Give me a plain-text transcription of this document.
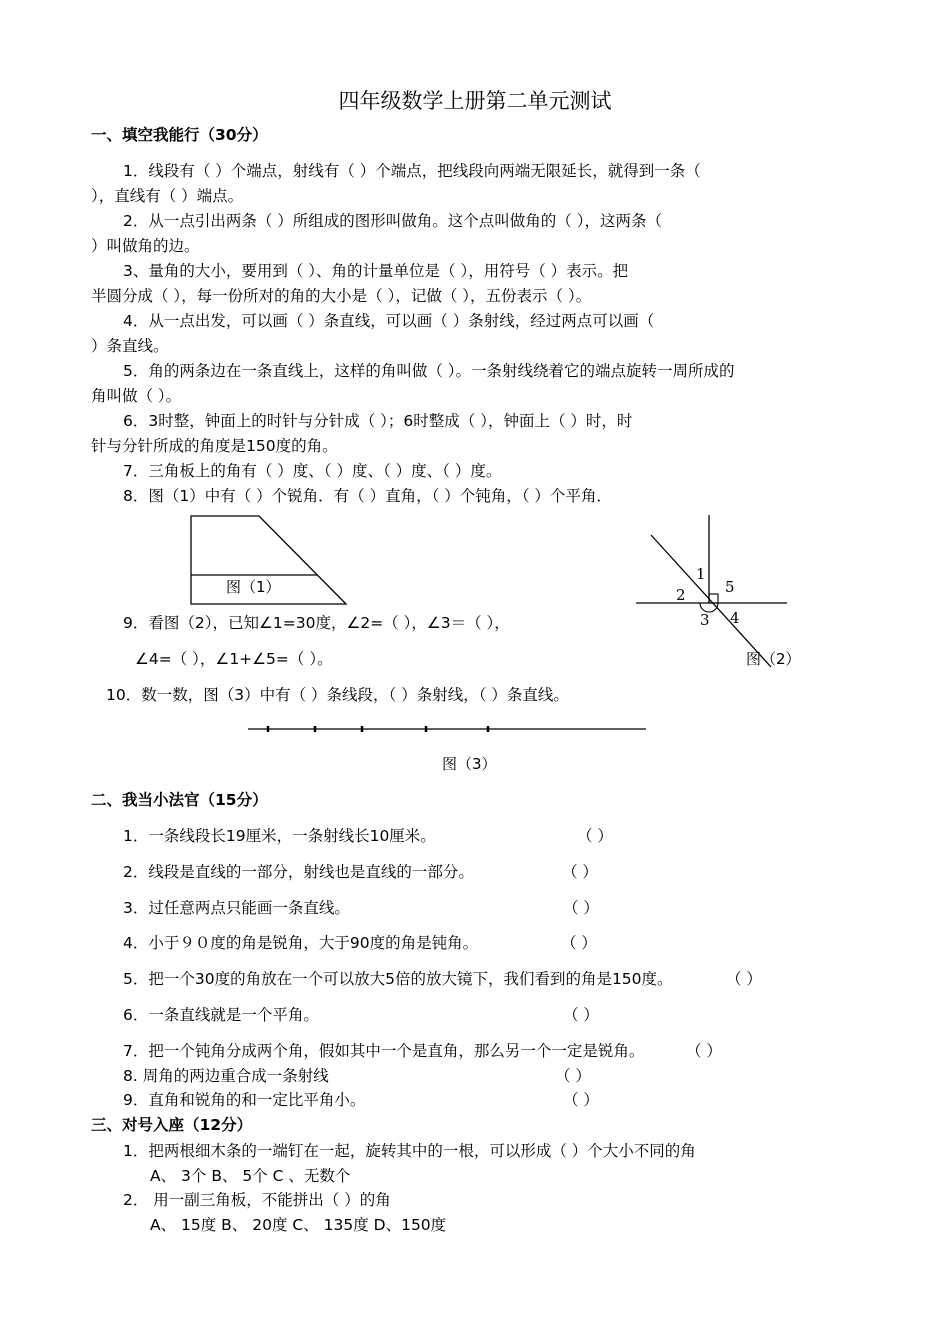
四年级数学上册第二单元测试
一、填空我能行（30分）
1．线段有（ ）个端点，射线有（ ）个端点，把线段向两端无限延长，就得到一条（
），直线有（ ）端点。
2．从一点引出两条（ ）所组成的图形叫做角。这个点叫做角的（ ），这两条（
）叫做角的边。
3、量角的大小，要用到（ ）、角的计量单位是（ ），用符号（ ）表示。把
半圆分成（ ），每一份所对的角的大小是（ ），记做（ ），五份表示（ ）。
4．从一点出发，可以画（ ）条直线，可以画（ ）条射线，经过两点可以画（
）条直线。
5．角的两条边在一条直线上，这样的角叫做（ ）。一条射线绕着它的端点旋转一周所成的
角叫做（ ）。
6．3时整，钟面上的时针与分针成（ ）；6时整成（ ），钟面上（ ）时，时
针与分针所成的角度是150度的角。
7．三角板上的角有（ ）度、（ ）度、（ ）度、（ ）度。
8．图（1）中有（ ）个锐角．有（ ）直角，（ ）个钝角，（ ）个平角．
图（1）
1
2
3 4
5
图（2）
图（3）
9．看图（2），已知∠1=30度，∠2=（ ），∠3＝（ ），
∠4=（ ），∠1+∠5=（ ）。
10．数一数，图（3）中有（ ）条线段，（ ）条射线，（ ）条直线。
二、我当小法官（15分）
1．一条线段长19厘米，一条射线长10厘米。	（ ）
2．线段是直线的一部分，射线也是直线的一部分。	（ ）
3．过任意两点只能画一条直线。	（ ）
4．小于９０度的角是锐角，大于90度的角是钝角。	（ ）
5．把一个30度的角放在一个可以放大5倍的放大镜下，我们看到的角是150度。	（ ）
6．一条直线就是一个平角。	（ ）
7．把一个钝角分成两个角，假如其中一个是直角，那么另一个一定是锐角。	（ ）
8. 周角的两边重合成一条射线	（ ）
9．直角和锐角的和一定比平角小。	（ ）
三、对号入座（12分）
1．把两根细木条的一端钉在一起，旋转其中的一根，可以形成（ ）个大小不同的角
A、 3个 B、 5个 C 、无数个
2． 用一副三角板，不能拼出（ ）的角
A、 15度 B、 20度 C、 135度 D、150度
